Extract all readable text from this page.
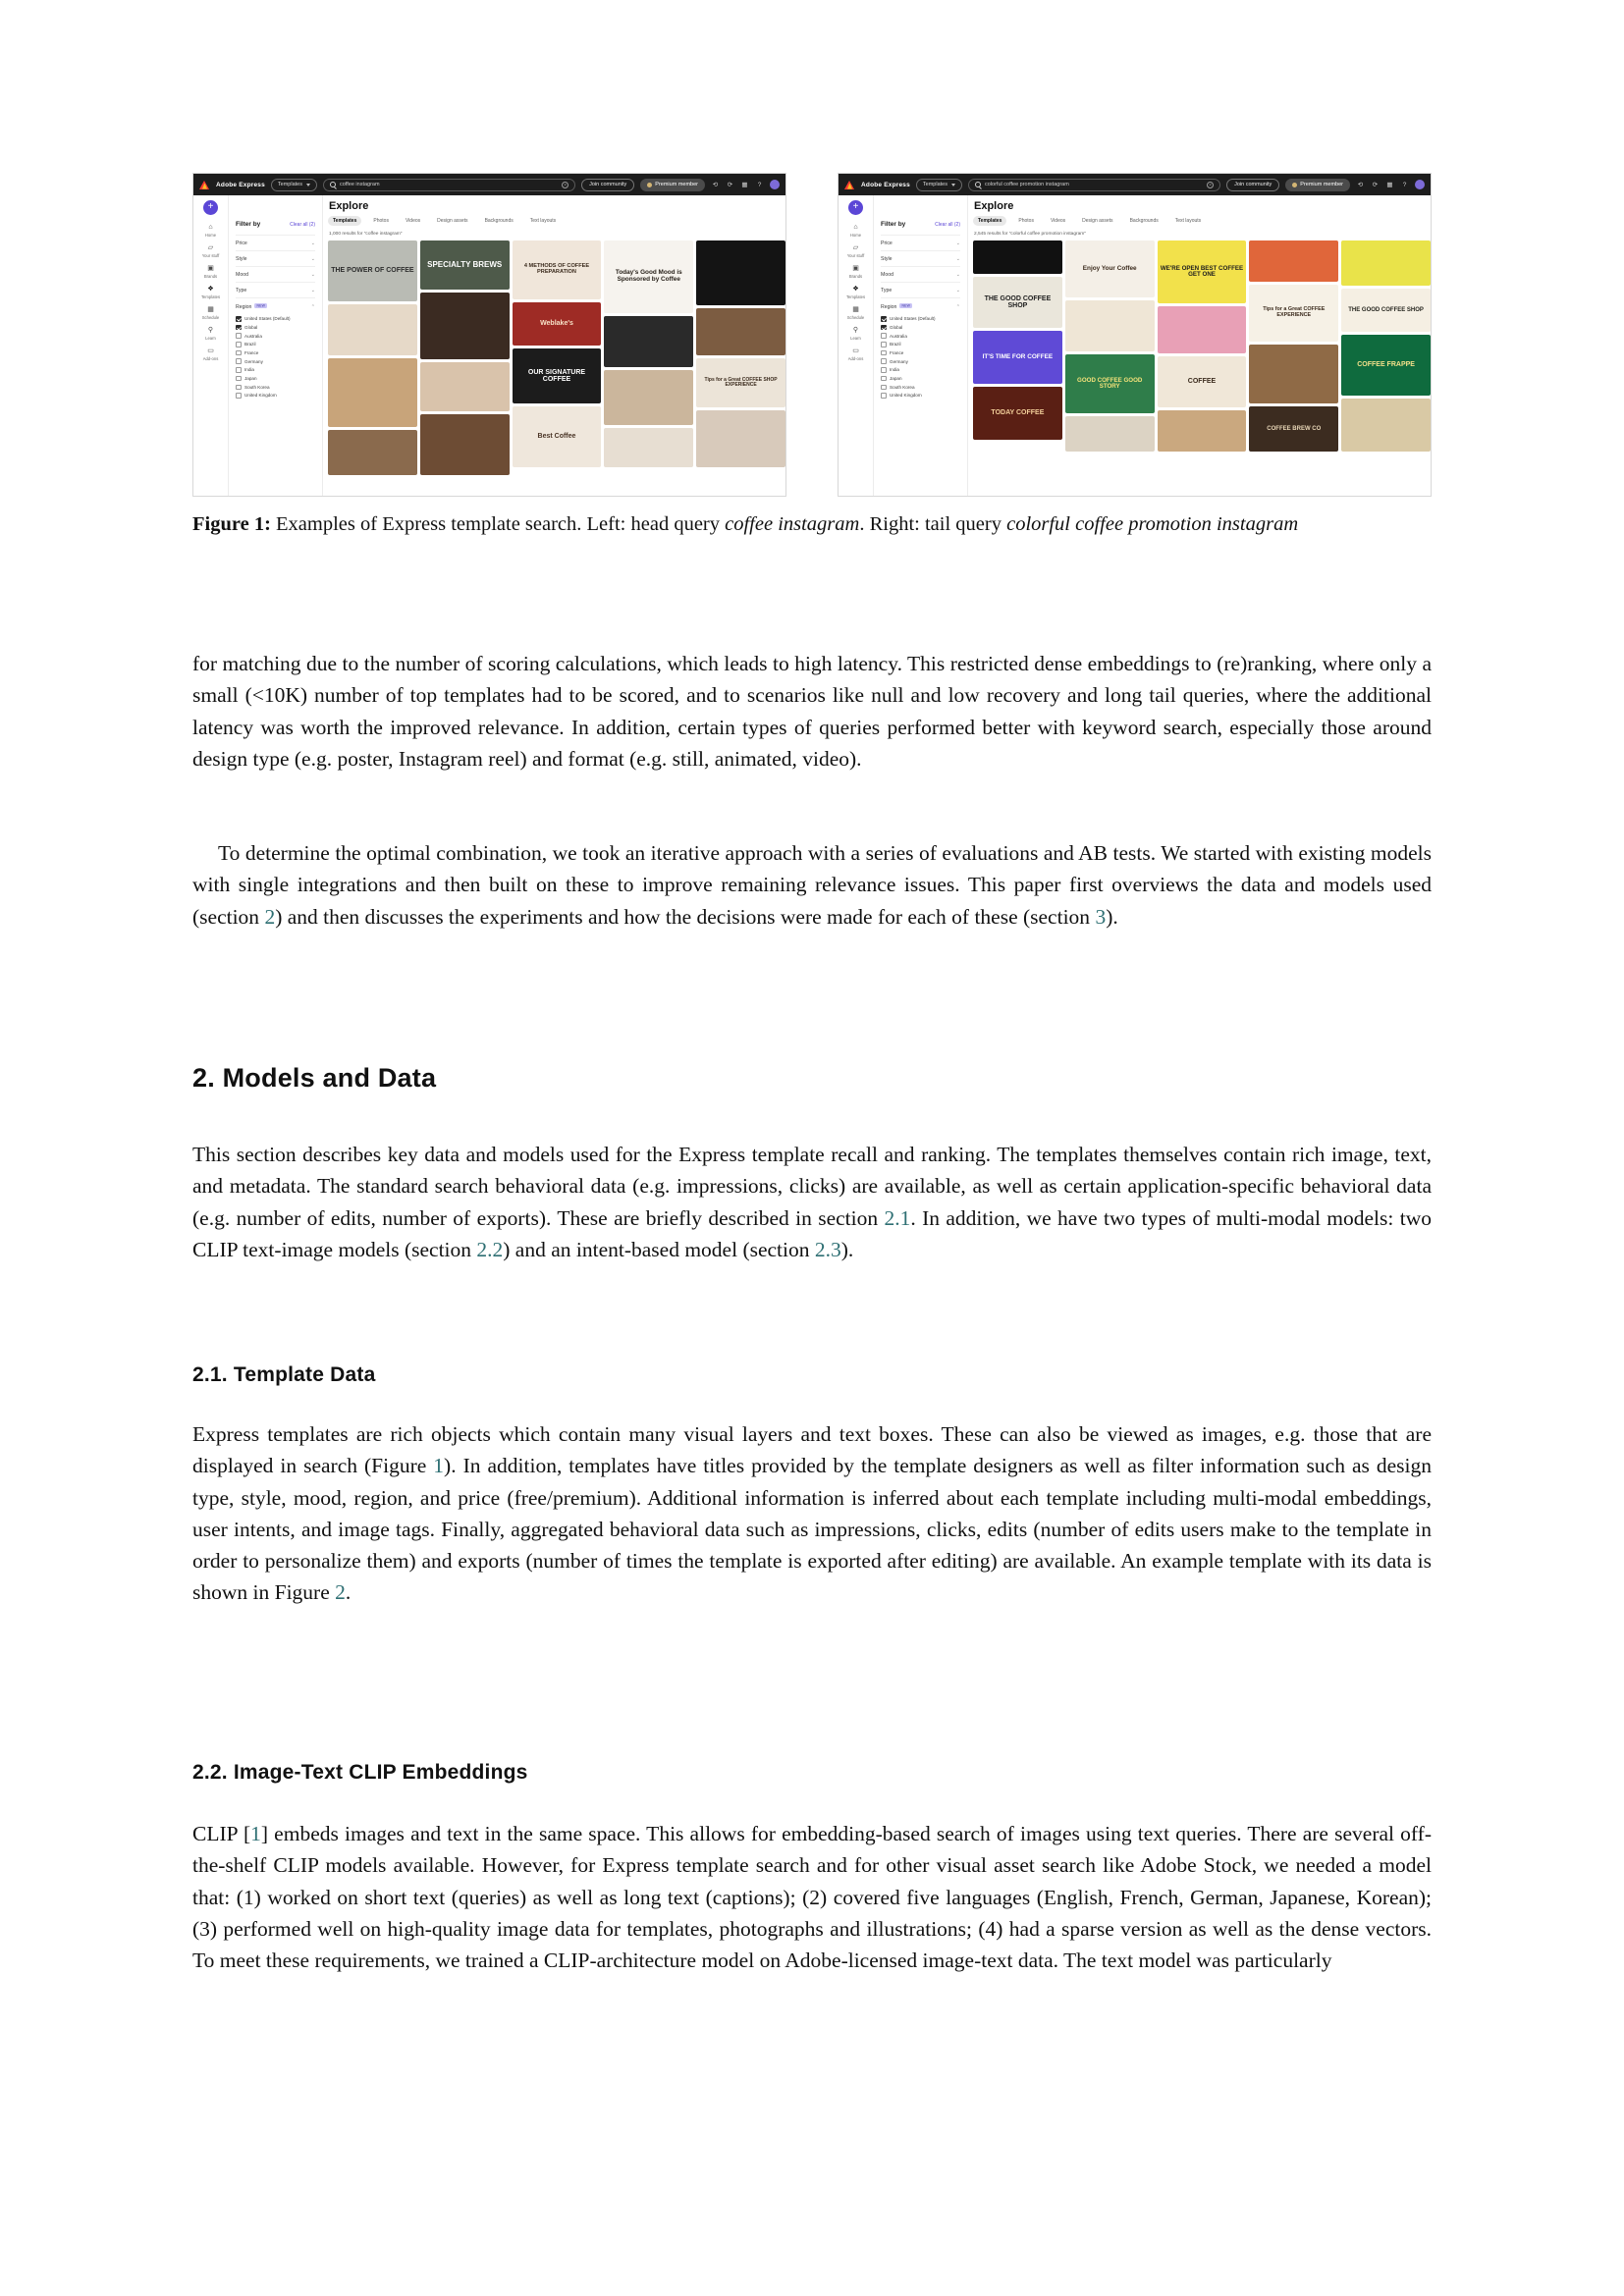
Adobe Express Templates	coffee instagram	×	Join community	Premium member ⟲ ⟳ ▦	?
+
⌂
Home
▱
Your stuff
▣
Brands
❖
Templates
▦
Schedule
⚲
Learn
▭
Add-ons
Filter by	Clear all (2)
Price	⌄
Style	⌄
Mood	⌄
Type	⌄
Region $^{NEW}$	⌃
United States (Default)
Global
Australia
Brazil
France
Germany
India
Japan
South Korea
United Kingdom
Explore
Templates	Photos	Videos	Design assets	Backgrounds	Text layouts
1,000 results for "coffee instagram"
THE POWER OF COFFEE
SPECIALTY BREWS	4 METHODS OF COFFEE PREPARATION
Weblake's
OUR SIGNATURE COFFEE
Best Coffee
Today's Good Mood is Sponsored by Coffee
Tips for a Great COFFEE SHOP EXPERIENCE
Adobe Express Templates	colorful coffee promotion instagram	×	Join community	Premium member ⟲ ⟳ ▦	?
+
⌂
Home
▱
Your stuff
▣
Brands
❖
Templates
▦
Schedule
⚲
Learn
▭
Add-ons
Filter by	Clear all (2)
Price	⌄
Style	⌄
Mood	⌄
Type	⌄
Region $^{NEW}$	⌃
United States (Default)
Global
Australia
Brazil
France
Germany
India
Japan
South Korea
United Kingdom
Explore
Templates	Photos	Videos	Design assets	Backgrounds	Text layouts
2,545 results for "colorful coffee promotion instagram"
THE GOOD COFFEE SHOP
IT'S TIME FOR COFFEE
TODAY COFFEE
Enjoy Your Coffee
GOOD COFFEE GOOD STORY
WE'RE OPEN BEST COFFEE GET ONE
COFFEE
Tips for a Great COFFEE EXPERIENCE
COFFEE BREW CO
THE GOOD COFFEE SHOP
COFFEE FRAPPE
Figure 1: Examples of Express template search. Left: head query coffee instagram. Right: tail query colorful coffee promotion instagram

for matching due to the number of scoring calculations, which leads to high latency. This restricted dense embeddings to (re)ranking, where only a small (<10K) number of top templates had to be scored, and to scenarios like null and low recovery and long tail queries, where the additional latency was worth the improved relevance. In addition, certain types of queries performed better with keyword search, especially those around design type (e.g. poster, Instagram reel) and format (e.g. still, animated, video).

To determine the optimal combination, we took an iterative approach with a series of evaluations and AB tests. We started with existing models with single integrations and then built on these to improve remaining relevance issues. This paper first overviews the data and models used (section 2) and then discusses the experiments and how the decisions were made for each of these (section 3).

2. Models and Data

This section describes key data and models used for the Express template recall and ranking. The templates themselves contain rich image, text, and metadata. The standard search behavioral data (e.g. impressions, clicks) are available, as well as certain application-specific behavioral data (e.g. number of edits, number of exports). These are briefly described in section 2.1. In addition, we have two types of multi-modal models: two CLIP text-image models (section 2.2) and an intent-based model (section 2.3).

2.1. Template Data

Express templates are rich objects which contain many visual layers and text boxes. These can also be viewed as images, e.g. those that are displayed in search (Figure 1). In addition, templates have titles provided by the template designers as well as filter information such as design type, style, mood, region, and price (free/premium). Additional information is inferred about each template including multi-modal embeddings, user intents, and image tags. Finally, aggregated behavioral data such as impressions, clicks, edits (number of edits users make to the template in order to personalize them) and exports (number of times the template is exported after editing) are available. An example template with its data is shown in Figure 2.

2.2. Image-Text CLIP Embeddings

CLIP [1] embeds images and text in the same space. This allows for embedding-based search of images using text queries. There are several off-the-shelf CLIP models available. However, for Express template search and for other visual asset search like Adobe Stock, we needed a model that: (1) worked on short text (queries) as well as long text (captions); (2) covered five languages (English, French, German, Japanese, Korean); (3) performed well on high-quality image data for templates, photographs and illustrations; (4) had a sparse version as well as the dense vectors. To meet these requirements, we trained a CLIP-architecture model on Adobe-licensed image-text data. The text model was particularly
